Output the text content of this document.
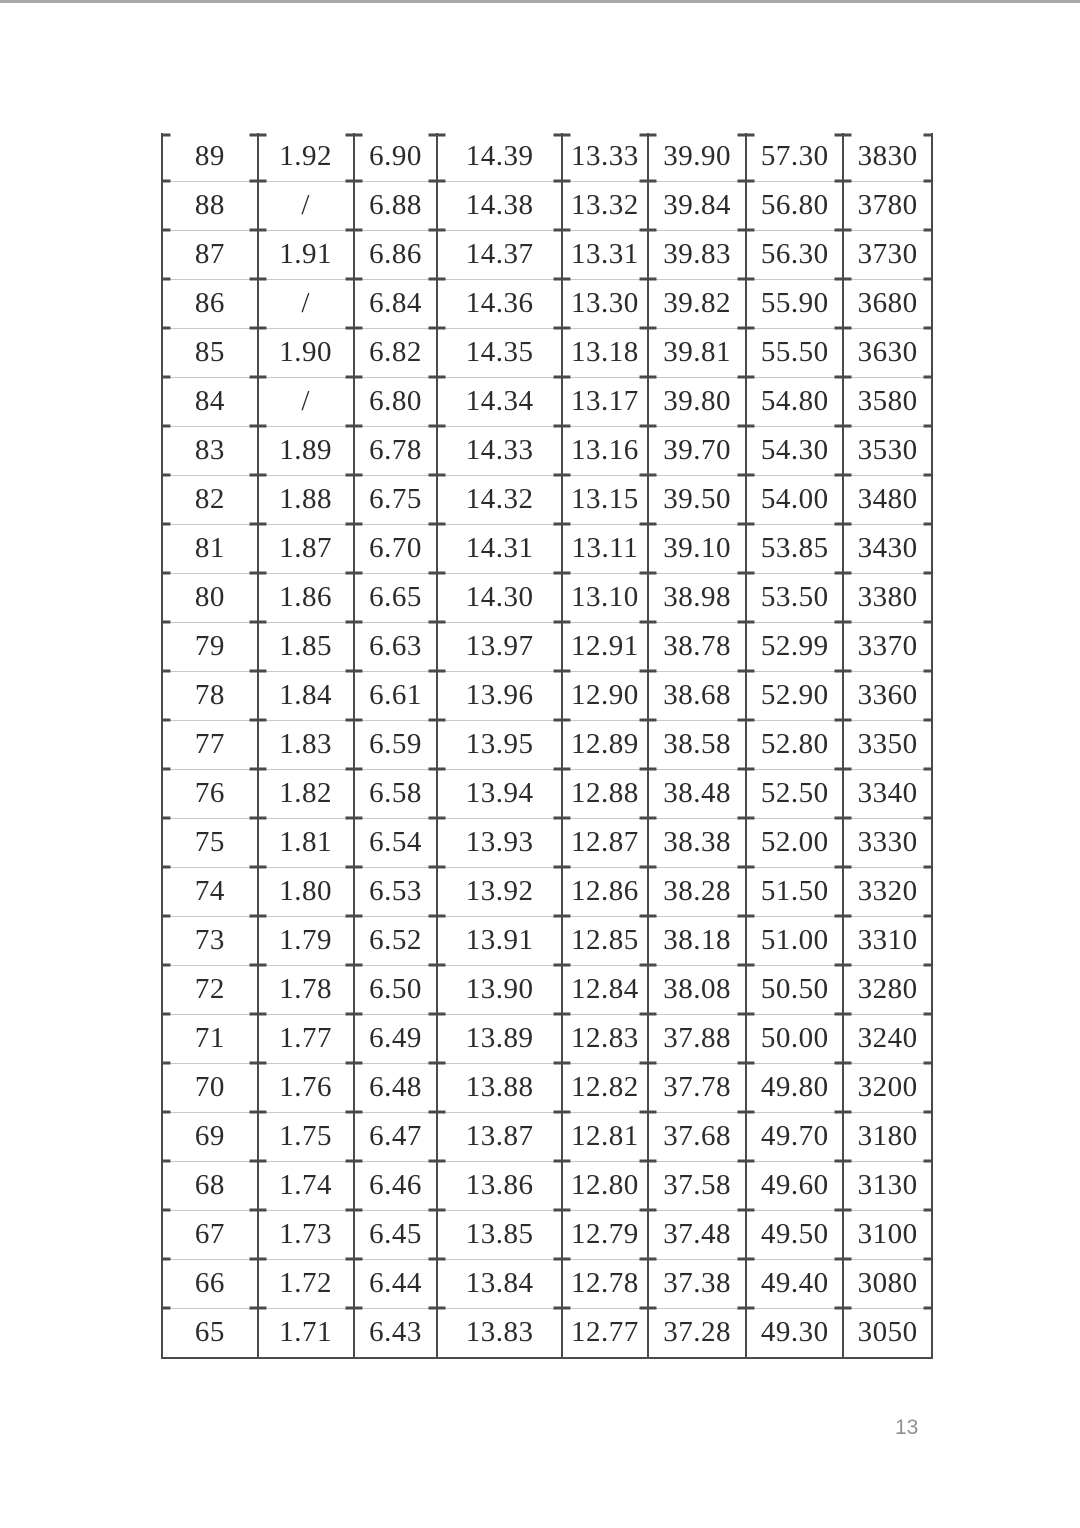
89	1.92	6.90	14.39	13.33	39.90	57.30	3830
88	/	6.88	14.38	13.32	39.84	56.80	3780
87	1.91	6.86	14.37	13.31	39.83	56.30	3730
86	/	6.84	14.36	13.30	39.82	55.90	3680
85	1.90	6.82	14.35	13.18	39.81	55.50	3630
84	/	6.80	14.34	13.17	39.80	54.80	3580
83	1.89	6.78	14.33	13.16	39.70	54.30	3530
82	1.88	6.75	14.32	13.15	39.50	54.00	3480
81	1.87	6.70	14.31	13.11	39.10	53.85	3430
80	1.86	6.65	14.30	13.10	38.98	53.50	3380
79	1.85	6.63	13.97	12.91	38.78	52.99	3370
78	1.84	6.61	13.96	12.90	38.68	52.90	3360
77	1.83	6.59	13.95	12.89	38.58	52.80	3350
76	1.82	6.58	13.94	12.88	38.48	52.50	3340
75	1.81	6.54	13.93	12.87	38.38	52.00	3330
74	1.80	6.53	13.92	12.86	38.28	51.50	3320
73	1.79	6.52	13.91	12.85	38.18	51.00	3310
72	1.78	6.50	13.90	12.84	38.08	50.50	3280
71	1.77	6.49	13.89	12.83	37.88	50.00	3240
70	1.76	6.48	13.88	12.82	37.78	49.80	3200
69	1.75	6.47	13.87	12.81	37.68	49.70	3180
68	1.74	6.46	13.86	12.80	37.58	49.60	3130
67	1.73	6.45	13.85	12.79	37.48	49.50	3100
66	1.72	6.44	13.84	12.78	37.38	49.40	3080
65	1.71	6.43	13.83	12.77	37.28	49.30	3050
13
